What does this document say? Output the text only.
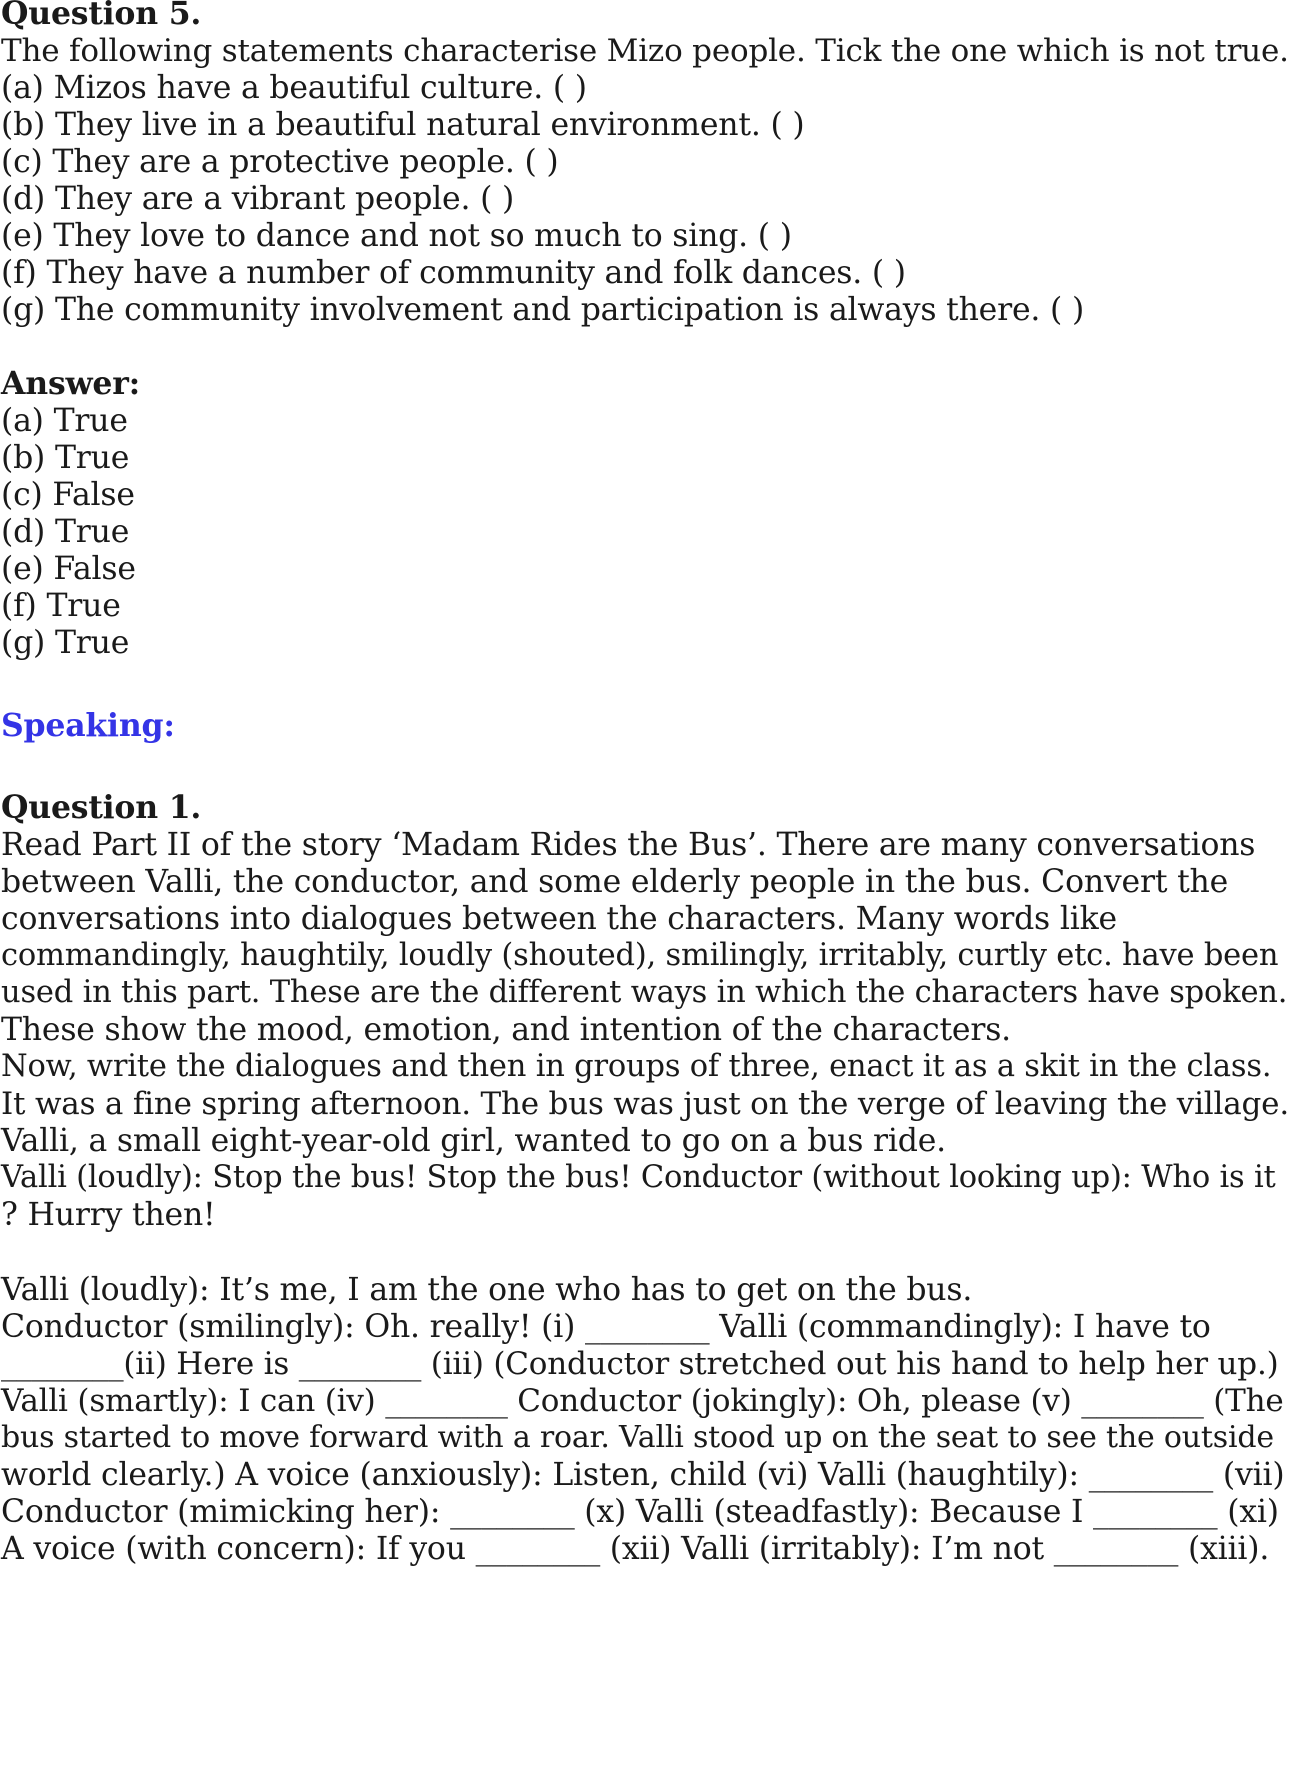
Question 5.

The following statements characterise Mizo people. Tick the one which is not true.

(a) Mizos have a beautiful culture. ( )

(b) They live in a beautiful natural environment. ( )

(c) They are a protective people. ( )

(d) They are a vibrant people. ( )

(e) They love to dance and not so much to sing. ( )

(f) They have a number of community and folk dances. ( )

(g) The community involvement and participation is always there. ( )

Answer:

(a) True

(b) True

(c) False

(d) True

(e) False

(f) True

(g) True

Speaking:

Question 1.

Read Part II of the story ‘Madam Rides the Bus’. There are many conversations

between Valli, the conductor, and some elderly people in the bus. Convert the

conversations into dialogues between the characters. Many words like

commandingly, haughtily, loudly (shouted), smilingly, irritably, curtly etc. have been

used in this part. These are the different ways in which the characters have spoken.

These show the mood, emotion, and intention of the characters.

Now, write the dialogues and then in groups of three, enact it as a skit in the class.

It was a fine spring afternoon. The bus was just on the verge of leaving the village.

Valli, a small eight-year-old girl, wanted to go on a bus ride.

Valli (loudly): Stop the bus! Stop the bus! Conductor (without looking up): Who is it

? Hurry then!

Valli (loudly): It’s me, I am the one who has to get on the bus.

Conductor (smilingly): Oh. really! (i) ________ Valli (commandingly): I have to

________(ii) Here is ________ (iii) (Conductor stretched out his hand to help her up.)

Valli (smartly): I can (iv) ________ Conductor (jokingly): Oh, please (v) ________ (The

bus started to move forward with a roar. Valli stood up on the seat to see the outside

world clearly.) A voice (anxiously): Listen, child (vi) Valli (haughtily): ________ (vii)

Conductor (mimicking her): ________ (x) Valli (steadfastly): Because I ________ (xi)

A voice (with concern): If you ________ (xii) Valli (irritably): I’m not ________ (xiii).
